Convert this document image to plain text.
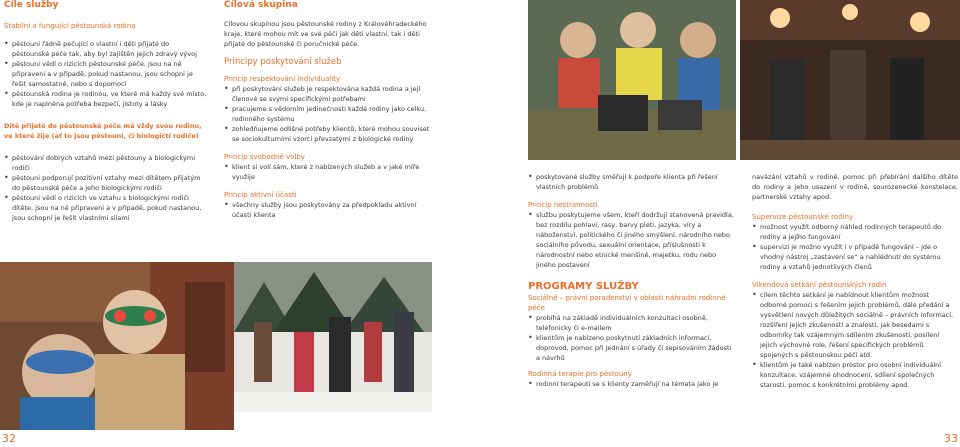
Cíle služby

Stabilní a fungující pěstounská rodina

• pěstouni řádně pečující o vlastní i děti přijaté do pěstounské péče tak, aby byl zajištěn jejich zdravý vývoj
• pěstouni vědí o rizicích pěstounské péče, jsou na ně připraveni a v případě, pokud nastanou, jsou schopni je řešit samostatně, nebo s dopomocí
• pěstounská rodina je rodinou, ve které má každý své místo, kde je naplněna potřeba bezpečí, jistoty a lásky

Dítě přijaté do pěstounské péče má vždy svou rodinu, ve které žije (ať to jsou pěstouni, či biologičtí rodiče)

• pěstování dobrých vztahů mezi pěstouny a biologickými rodiči
• pěstouni podporují pozitivní vztahy mezi dítětem přijatým do pěstounské péče a jeho biologickými rodiči
• pěstouni vědí o rizicích ve vztahu s biologickými rodiči dítěte, jsou na ně připraveni a v případě, pokud nastanou, jsou schopni je řešit vlastními silami

Cílová skupina

Cílovou skupinou jsou pěstounské rodiny z Královéhradeckého kraje, které mohou mít ve své péči jak děti vlastní, tak i děti přijaté do pěstounské či poručnické péče.

Principy poskytování služeb

Princip respektování individuality

• při poskytování služeb je respektována každá rodina a její členové se svými specifickými potřebami
• pracujeme s vědomím jedinečnosti každé rodiny jako celku, rodinného systému
• zohledňujeme odlišné potřeby klientů, které mohou souviset se sociokulturními vzorci převzatými z biologické rodiny

Princip svobodné volby

• klient si volí sám, které z nabízených služeb a v jaké míře využije

Princip aktivní účasti

• všechny služby jsou poskytovány za předpokladu aktivní účasti klienta
• poskytované služby směřují k podpoře klienta při řešení vlastních problémů

Princip nestrannosti

• službu poskytujeme všem, kteří dodržují stanovená pravidla, bez rozdílu pohlaví, rasy, barvy pleti, jazyka, víry a náboženství, politického či jiného smýšlení, národního nebo sociálního původu, sexuální orientace, příslušnosti k národnostní nebo etnické menšině, majetku, rodu nebo jiného postavení

PROGRAMY SLUŽBY

Sociálně – právní poradenství v oblasti náhradní rodinné péče

• probíhá na základě individuálních konzultací osobně, telefonicky či e-mailem
• klientům je nabízeno poskytnutí základních informací, doprovod, pomoc při jednání s úřady či sepisováním žádosti a návrhů

Rodinná terapie pro pěstouny

• rodinní terapeuti se s klienty zaměřují na témata jako je

navázání vztahů v rodině, pomoc při přebírání dalšího dítěte do rodiny a jeho usazení v rodině, sourozenecké konstelace, partnerské vztahy apod.

Supervize pěstounské rodiny

• možnost využít odborný náhled rodinných terapeutů do rodiny a jejího fungování
• supervizi je možno využít i v případě fungování – jde o vhodný nástroj „zastavení se“ a nahlédnutí do systému rodiny a vztahů jednotlivých členů

Víkendová setkání pěstounských rodin

• cílem těchto setkání je nabídnout klientům možnost odborné pomoci s řešením jejich problémů, dále předání a vysvětlení nových důležitých sociálně – právních informací, rozšíření jejich zkušeností a znalostí, jak besedami s odborníky tak vzájemným sdílením zkušeností, posílení jejich výchovné role, řešení specifických problémů spojených s pěstounskou péčí atd.
• klientům je také nabízen prostor pro osobní individuální konzultace, vzájemné ohodnocení, sdílení společných starostí, pomoc s konkrétními problémy apod.
32	33
